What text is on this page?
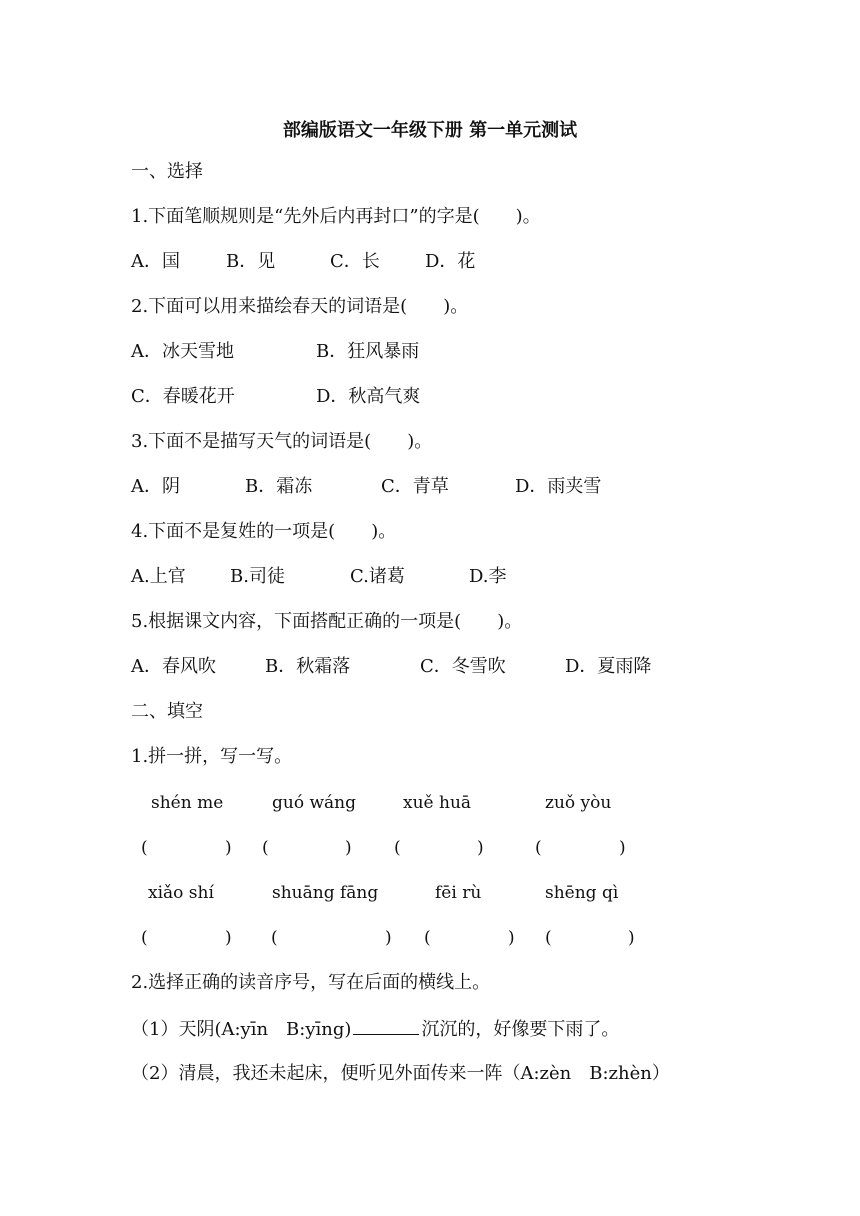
部编版语文一年级下册 第一单元测试
一、选择
1.下面笔顺规则是“先外后内再封口”的字是(　　)。
A．国	B．见	C．长	D．花
2.下面可以用来描绘春天的词语是(　　)。
A．冰天雪地	B．狂风暴雨
C．春暖花开	D．秋高气爽
3.下面不是描写天气的词语是(　　)。
A．阴	B．霜冻	C．青草	D．雨夹雪
4.下面不是复姓的一项是(　　)。
A.上官 B.司徒	C.诸葛	D.李
5.根据课文内容，下面搭配正确的一项是(　　)。
A．春风吹	B．秋霜落	C．冬雪吹	D．夏雨降
二、填空
1.拼一拼，写一写。
shén me	guó wáng	xuě huā	zuǒ yòu
(	) (	) (	)	(	)
xiǎo shí	shuāng fāng	fēi rù	shēng qì
(	) (	) (	) (	)
2.选择正确的读音序号，写在后面的横线上。
（1）天阴(A:yīn　B:yīng)	沉沉的，好像要下雨了。
（2）清晨，我还未起床，便听见外面传来一阵（A:zèn　B:zhèn）
